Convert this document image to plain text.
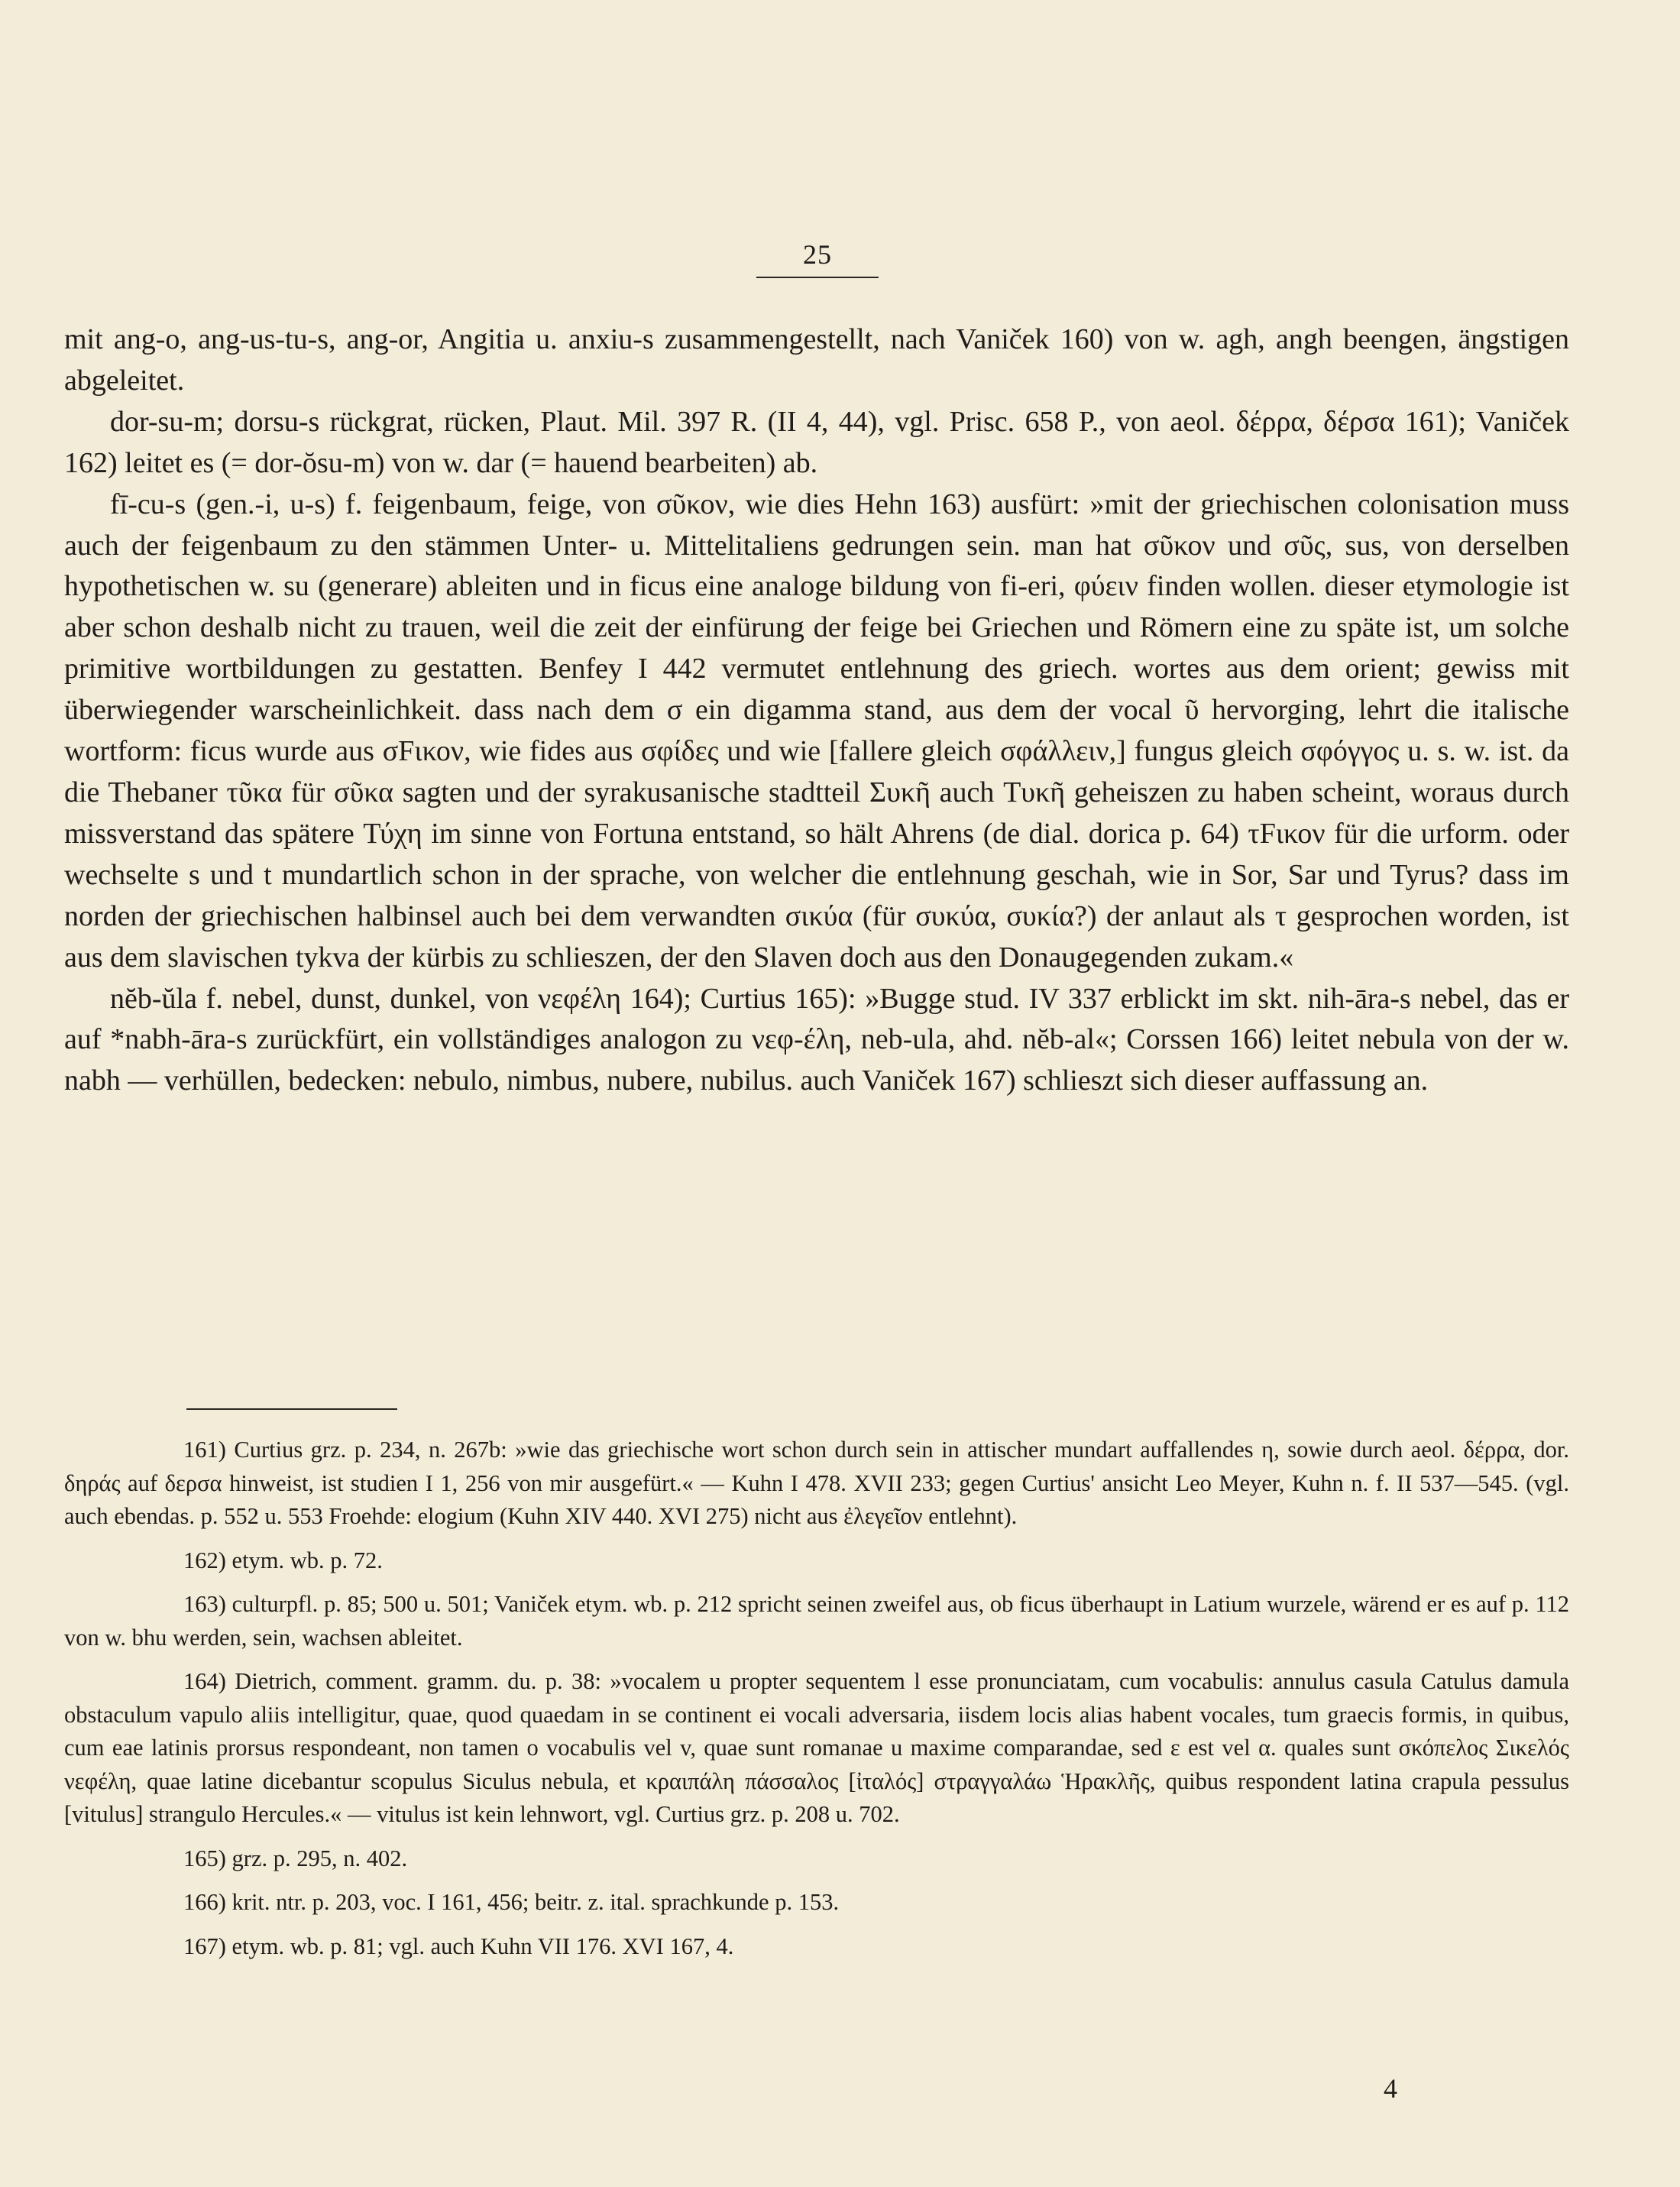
25

mit ang-o, ang-us-tu-s, ang-or, Angitia u. anxiu-s zusammengestellt, nach Vaniček 160) von w. agh, angh beengen, ängstigen abgeleitet.

dor-su-m; dorsu-s rückgrat, rücken, Plaut. Mil. 397 R. (II 4, 44), vgl. Prisc. 658 P., von aeol. δέρρα, δέρσα 161); Vaniček 162) leitet es (= dor-ŏsu-m) von w. dar (= hauend bearbeiten) ab.

fī-cu-s (gen.-i, u-s) f. feigenbaum, feige, von σῦκον, wie dies Hehn 163) ausfürt: »mit der griechischen colonisation muss auch der feigenbaum zu den stämmen Unter- u. Mittelitaliens gedrungen sein. man hat σῦκον und σῦς, sus, von derselben hypothetischen w. su (generare) ableiten und in ficus eine analoge bildung von fi-eri, φύειν finden wollen. dieser etymologie ist aber schon deshalb nicht zu trauen, weil die zeit der einfürung der feige bei Griechen und Römern eine zu späte ist, um solche primitive wortbildungen zu gestatten. Benfey I 442 vermutet entlehnung des griech. wortes aus dem orient; gewiss mit überwiegender warscheinlichkeit. dass nach dem σ ein digamma stand, aus dem der vocal ῦ hervorging, lehrt die italische wortform: ficus wurde aus σFικον, wie fides aus σφίδες und wie [fallere gleich σφάλλειν,] fungus gleich σφόγγος u. s. w. ist. da die Thebaner τῦκα für σῦκα sagten und der syrakusanische stadtteil Συκῆ auch Τυκῆ geheiszen zu haben scheint, woraus durch missverstand das spätere Τύχη im sinne von Fortuna entstand, so hält Ahrens (de dial. dorica p. 64) τFικον für die urform. oder wechselte s und t mundartlich schon in der sprache, von welcher die entlehnung geschah, wie in Sor, Sar und Tyrus? dass im norden der griechischen halbinsel auch bei dem verwandten σικύα (für συκύα, συκία?) der anlaut als τ gesprochen worden, ist aus dem slavischen tykva der kürbis zu schlieszen, der den Slaven doch aus den Donaugegenden zukam.«

nĕb-ŭla f. nebel, dunst, dunkel, von νεφέλη 164); Curtius 165): »Bugge stud. IV 337 erblickt im skt. nih-āra-s nebel, das er auf *nabh-āra-s zurückfürt, ein vollständiges analogon zu νεφ-έλη, neb-ula, ahd. nĕb-al«; Corssen 166) leitet nebula von der w. nabh — verhüllen, bedecken: nebulo, nimbus, nubere, nubilus. auch Vaniček 167) schlieszt sich dieser auffassung an.

161) Curtius grz. p. 234, n. 267b: »wie das griechische wort schon durch sein in attischer mundart auffallendes η, sowie durch aeol. δέρρα, dor. δηράς auf δερσα hinweist, ist studien I 1, 256 von mir ausgefürt.« — Kuhn I 478. XVII 233; gegen Curtius' ansicht Leo Meyer, Kuhn n. f. II 537—545. (vgl. auch ebendas. p. 552 u. 553 Froehde: elogium (Kuhn XIV 440. XVI 275) nicht aus ἐλεγεῖον entlehnt).

162) etym. wb. p. 72.

163) culturpfl. p. 85; 500 u. 501; Vaniček etym. wb. p. 212 spricht seinen zweifel aus, ob ficus überhaupt in Latium wurzele, wärend er es auf p. 112 von w. bhu werden, sein, wachsen ableitet.

164) Dietrich, comment. gramm. du. p. 38: »vocalem u propter sequentem l esse pronunciatam, cum vocabulis: annulus casula Catulus damula obstaculum vapulo aliis intelligitur, quae, quod quaedam in se continent ei vocali adversaria, iisdem locis alias habent vocales, tum graecis formis, in quibus, cum eae latinis prorsus respondeant, non tamen o vocabulis vel v, quae sunt romanae u maxime comparandae, sed ε est vel α. quales sunt σκόπελος Σικελός νεφέλη, quae latine dicebantur scopulus Siculus nebula, et κραιπάλη πάσσαλος [ἰταλός] στραγγαλάω Ἡρακλῆς, quibus respondent latina crapula pessulus [vitulus] strangulo Hercules.« — vitulus ist kein lehnwort, vgl. Curtius grz. p. 208 u. 702.

165) grz. p. 295, n. 402.

166) krit. ntr. p. 203, voc. I 161, 456; beitr. z. ital. sprachkunde p. 153.

167) etym. wb. p. 81; vgl. auch Kuhn VII 176. XVI 167, 4.

4
